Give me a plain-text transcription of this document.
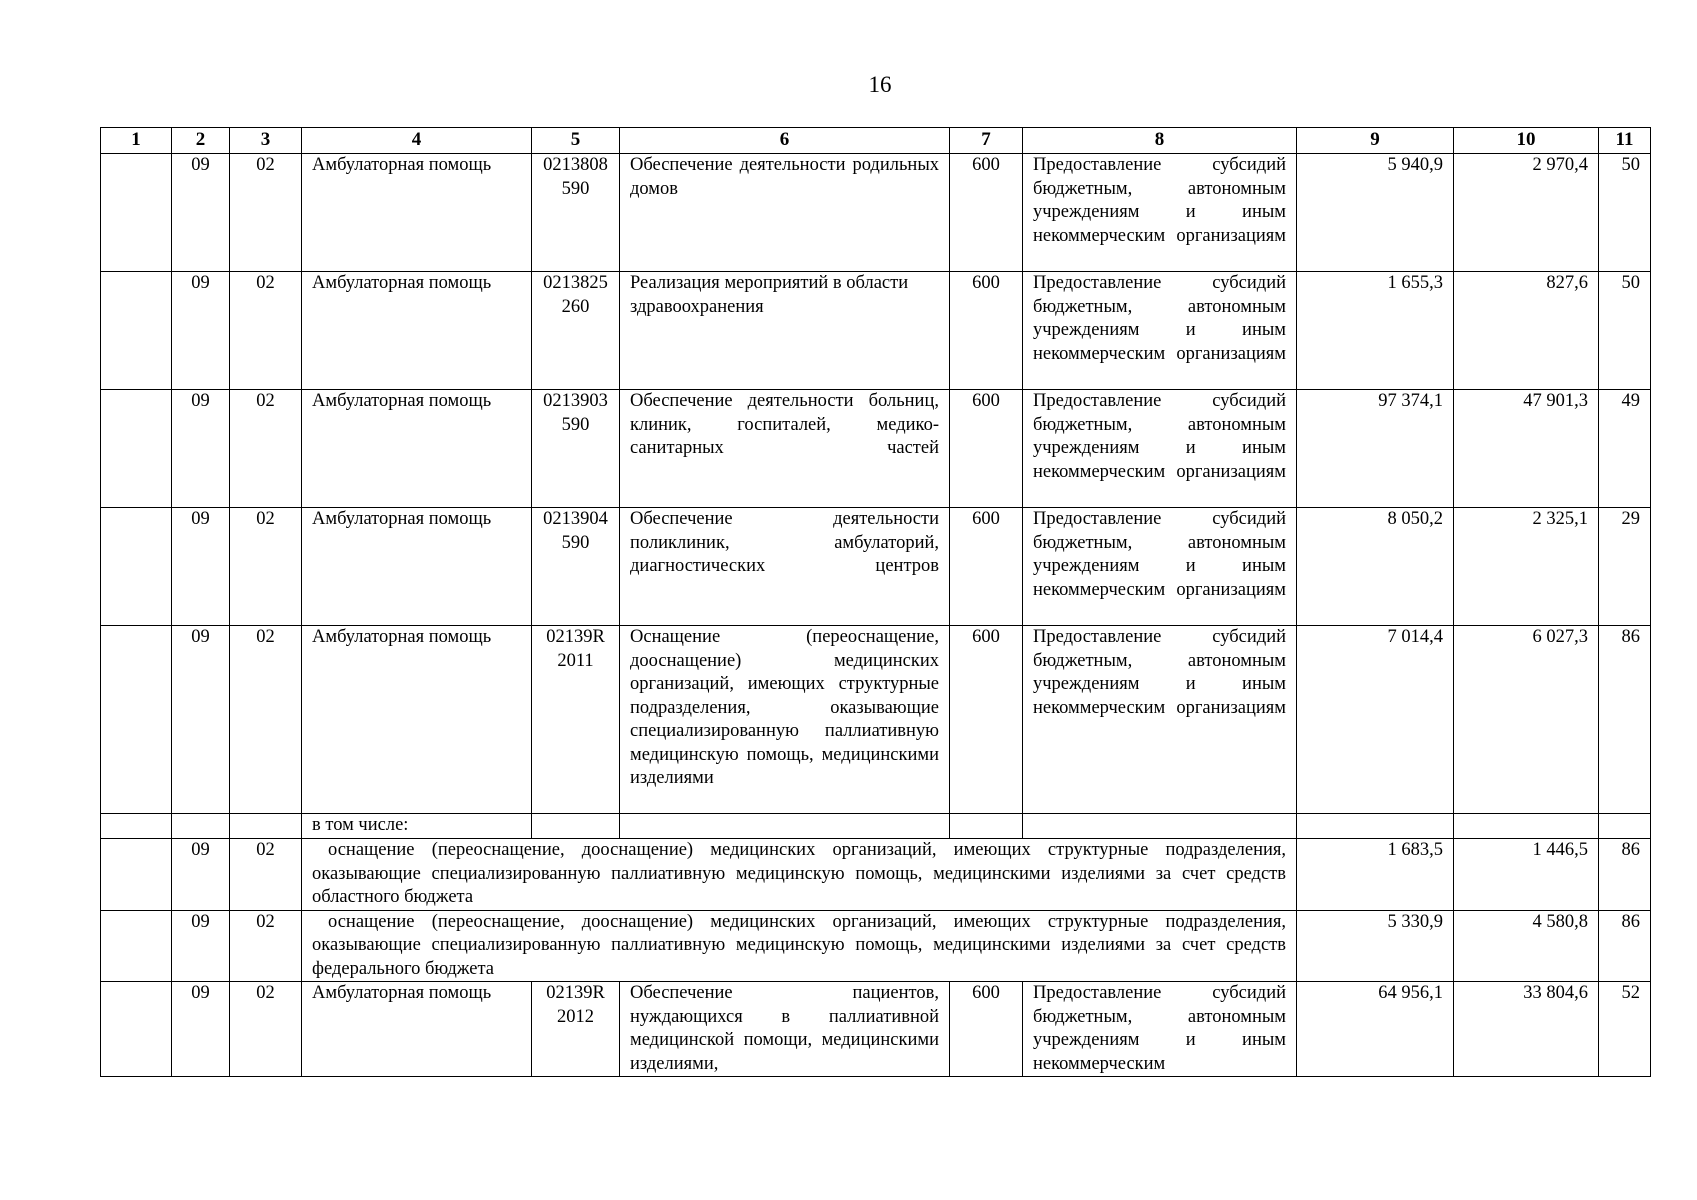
16
1	2	3	4	5	6	7	8	9	10	11
	09	02	Амбулаторная помощь	0213808590	Обеспечение деятельности родильных домов	600	Предоставление субсидий бюджетным, автономным учреждениям и иным некоммерческим организациям	5 940,9	2 970,4	50
	09	02	Амбулаторная помощь	0213825260	Реализация мероприятий в области здравоохранения	600	Предоставление субсидий бюджетным, автономным учреждениям и иным некоммерческим организациям	1 655,3	827,6	50
	09	02	Амбулаторная помощь	0213903590	Обеспечение деятельности больниц, клиник, госпиталей, медико-санитарных частей	600	Предоставление субсидий бюджетным, автономным учреждениям и иным некоммерческим организациям	97 374,1	47 901,3	49
	09	02	Амбулаторная помощь	0213904590	Обеспечение деятельности поликлиник, амбулаторий, диагностических центров	600	Предоставление субсидий бюджетным, автономным учреждениям и иным некоммерческим организациям	8 050,2	2 325,1	29
	09	02	Амбулаторная помощь	02139R2011	Оснащение (переоснащение, дооснащение) медицинских организаций, имеющих структурные подразделения, оказывающие специализированную паллиативную медицинскую помощь, медицинскими изделиями	600	Предоставление субсидий бюджетным, автономным учреждениям и иным некоммерческим организациям	7 014,4	6 027,3	86
			в том числе:							
	09	02	оснащение (переоснащение, дооснащение) медицинских организаций, имеющих структурные подразделения, оказывающие специализированную паллиативную медицинскую помощь, медицинскими изделиями за счет средств областного бюджета					1 683,5	1 446,5	86
	09	02	оснащение (переоснащение, дооснащение) медицинских организаций, имеющих структурные подразделения, оказывающие специализированную паллиативную медицинскую помощь, медицинскими изделиями за счет средств федерального бюджета					5 330,9	4 580,8	86
	09	02	Амбулаторная помощь	02139R2012	Обеспечение пациентов, нуждающихся в паллиативной медицинской помощи, медицинскими изделиями,	600	Предоставление субсидий бюджетным, автономным учреждениям и иным некоммерческим	64 956,1	33 804,6	52
